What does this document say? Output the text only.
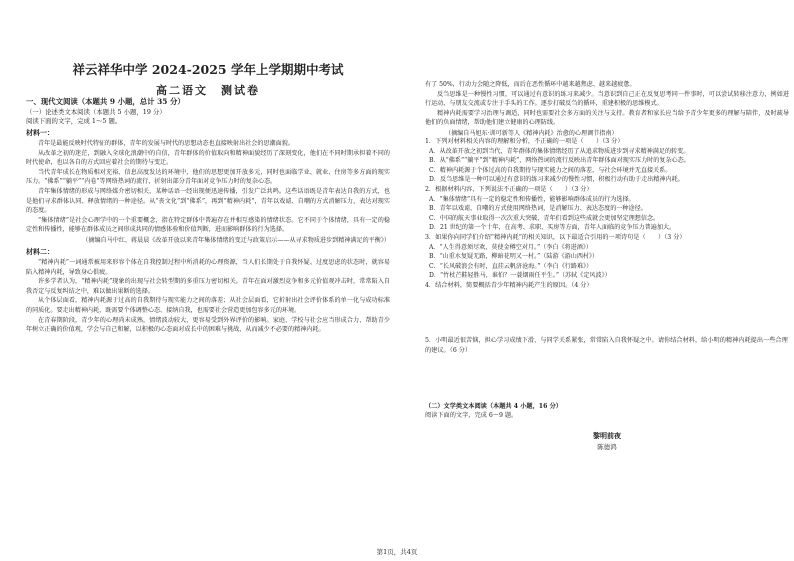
祥云祥华中学 2024-2025 学年上学期期中考试
高二语文　测试卷

一、现代文阅读（本题共 9 小题，总计 35 分）

（一）论述类文本阅读（本题共 5 小题，19 分）

阅读下面的文字，完成 1～5 题。

材料一：

青年是最能反映时代特征的群体，青年的发展与时代的思想动态也直接映射出社会的思潮面貌。

从改革之初的迷茫，到融入全球化浪潮中的自信，青年群体的价值取向和精神面貌经历了深刻变化，他们在不同时期承担着不同的时代使命，也以各自的方式回应着社会的期待与变迁。

当代青年成长在物质相对充裕、信息高度发达的环境中，他们的思想更加开放多元，同时也面临学业、就业、住房等多方面的现实压力。“佛系”“躺平”“内卷”等网络热词的流行，折射出部分青年面对竞争压力时的复杂心态。

青年集体情绪的形成与网络媒介密切相关，某种话语一经出现便迅速传播，引发广泛共鸣。这些话语既是青年表达自我的方式，也是他们寻求群体认同、释放情绪的一种途径。从“丧文化”到“佛系”，再到“精神内耗”，青年以戏谑、自嘲的方式消解压力，表达对现实的态度。

“集体情绪”是社会心理学中的一个重要概念，指在特定群体中普遍存在并相互感染的情绪状态。它不同于个体情绪，具有一定的稳定性和传播性，能够在群体成员之间形成共同的情感体验和价值判断，进而影响群体的行为选择。

（摘编自马中红、蒋晨晨《改革开放以来青年集体情绪的变迁与政策启示——从寻求物质进步到精神满足的平衡》）

材料二：

“精神内耗”一词通常被用来形容个体在自我控制过程中所消耗的心理资源，当人们长期处于自我怀疑、过度思虑的状态时，就容易陷入精神内耗，导致身心俱疲。

许多学者认为，“精神内耗”现象的出现与社会转型期的多重压力密切相关。青年在面对激烈竞争和多元价值观冲击时，常常陷入自我否定与反复纠结之中，难以做出果断的选择。

从个体层面看，精神内耗源于过高的自我期待与现实能力之间的落差；从社会层面看，它折射出社会评价体系的单一化与成功标准的同质化。要走出精神内耗，既需要个体调整心态、接纳自我，也需要社会营造更加包容多元的环境。

在青春期阶段，青少年的心理尚未成熟，情绪波动较大，更容易受到外界评价的影响。家庭、学校与社会应当形成合力，帮助青少年树立正确的价值观，学会与自己和解，以积极的心态面对成长中的困难与挑战，从而减少不必要的精神内耗。

有了 50%，行动力会随之降低，而后在恶性循环中越来越焦虑、越来越疲惫。

反刍思维是一种慢性习惯，可以通过有意识的练习来减少。当意识到自己正在反复思考同一件事时，可以尝试转移注意力，例如进行运动、与朋友交流或专注于手头的工作。逐步打破反刍的循环，重建积极的思维模式。

精神内耗需要学习治理与调适，同时也需要社会多方面的关注与支持。教育者和家长应当给予青少年更多的理解与陪伴，及时疏导他们的负面情绪，帮助他们建立健康的心理防线。

（摘编自马旭东·训可新等人《精神内耗》治愈的心理调节指南）

1．下列对材料相关内容的理解和分析，不正确的一项是（　　）（3 分）

A．从改革开放之初到当代，青年群体的集体情绪经历了从追求物质进步到寻求精神满足的转变。

B．从“佛系”“躺平”到“精神内耗”，网络热词的流行反映出青年群体面对现实压力时的复杂心态。

C．精神内耗源于个体过高的自我期待与现实能力之间的落差，与社会环境并无直接关系。

D．反刍思维是一种可以通过有意识的练习来减少的慢性习惯，积极行动有助于走出精神内耗。

2．根据材料内容，下列说法不正确的一项是（　　）（3 分）

A．“集体情绪”具有一定的稳定性和传播性，能够影响群体成员的行为选择。

B．青年以戏谑、自嘲的方式使用网络热词，是消解压力、表达态度的一种途径。

C．中国的航天事业取得一次次重大突破，青年们看到这些成就会更加坚定理想信念。

D．21 世纪的第一个十年，在高考、求职、买房等方面，青年人面临的竞争压力普遍加大。

3．如果你向同学们介绍“精神内耗”的相关知识，以下最适合引用的一项诗句是（　　）（3 分）

A．“人生得意须尽欢，莫使金樽空对月。”（李白《将进酒》）

B．“山重水复疑无路，柳暗花明又一村。”（陆游《游山西村》）

C．“长风破浪会有时，直挂云帆济沧海。”（李白《行路难》）

D．“竹杖芒鞋轻胜马，谁怕？一蓑烟雨任平生。”（苏轼《定风波》）

4．结合材料，简要概括青少年精神内耗产生的原因。（4 分）

5．小明最近很苦恼，担心学习成绩下滑、与同学关系紧张，常常陷入自我怀疑之中。请你结合材料，给小明的精神内耗提出一些合理的建议。（6 分）

（二）文学类文本阅读（本题共 4 小题，16 分）

阅读下面的文字，完成 6～9 题。

黎明前夜

陈德鸿

第1页，共4页
